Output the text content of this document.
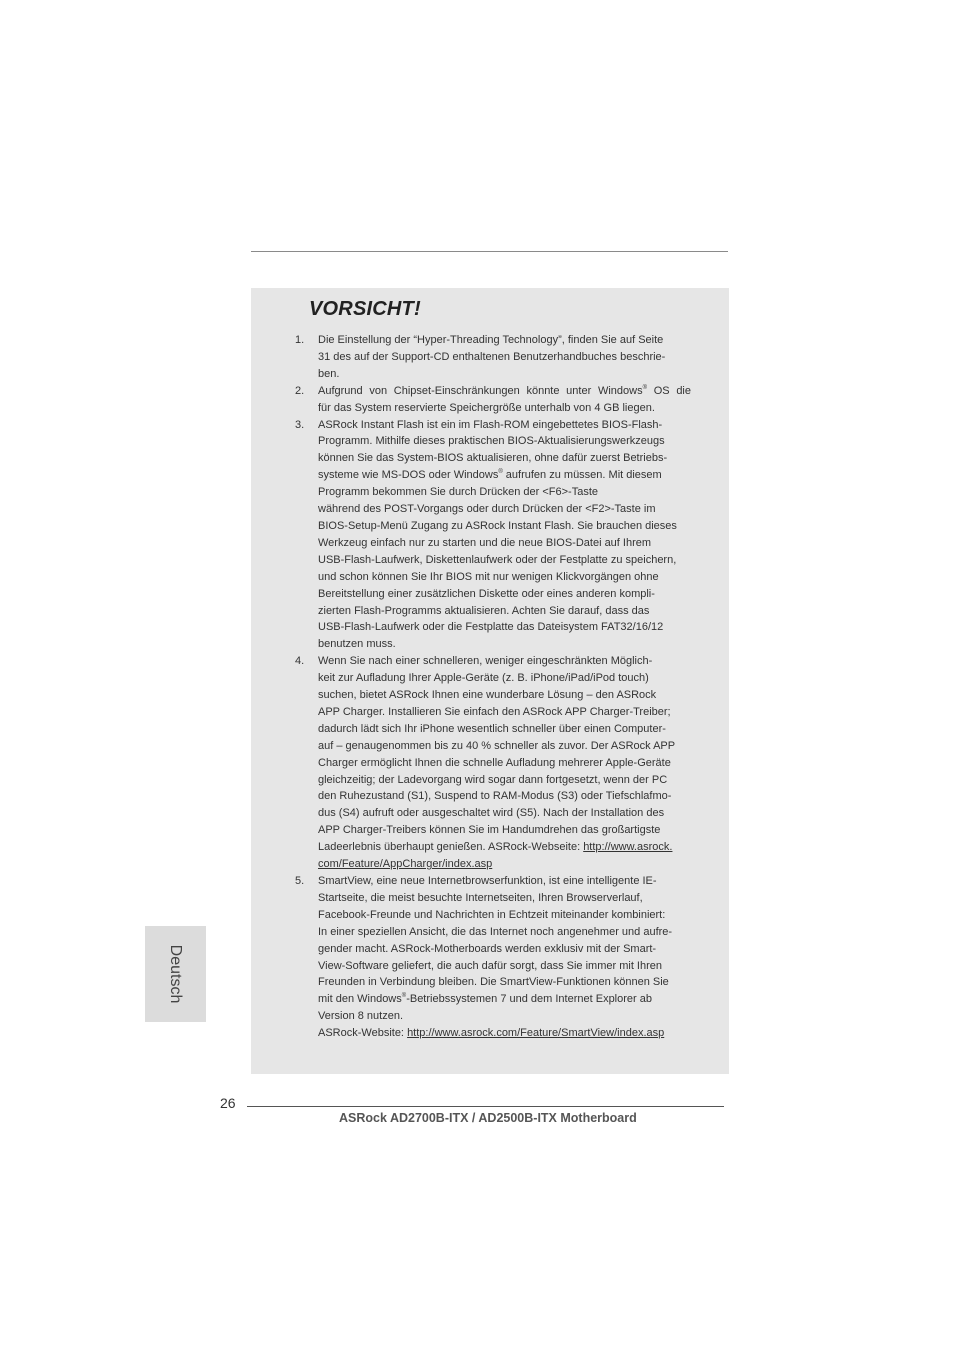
VORSICHT!
1. Die Einstellung der “Hyper-Threading Technology”, finden Sie auf Seite
31 des auf der Support-CD enthaltenen Benutzerhandbuches beschrie-
ben.
2. Aufgrund von Chipset-Einschränkungen könnte unter Windows® OS die
für das System reservierte Speichergröße unterhalb von 4 GB liegen.
3. ASRock Instant Flash ist ein im Flash-ROM eingebettetes BIOS-Flash-
Programm. Mithilfe dieses praktischen BIOS-Aktualisierungswerkzeugs
können Sie das System-BIOS aktualisieren, ohne dafür zuerst Betriebs-
systeme wie MS-DOS oder Windows® aufrufen zu müssen. Mit diesem
Programm bekommen Sie durch Drücken der <F6>-Taste
während des POST-Vorgangs oder durch Drücken der <F2>-Taste im
BIOS-Setup-Menü Zugang zu ASRock Instant Flash. Sie brauchen dieses
Werkzeug einfach nur zu starten und die neue BIOS-Datei auf Ihrem
USB-Flash-Laufwerk, Diskettenlaufwerk oder der Festplatte zu speichern,
und schon können Sie Ihr BIOS mit nur wenigen Klickvorgängen ohne
Bereitstellung einer zusätzlichen Diskette oder eines anderen kompli-
zierten Flash-Programms aktualisieren. Achten Sie darauf, dass das
USB-Flash-Laufwerk oder die Festplatte das Dateisystem FAT32/16/12
benutzen muss.
4. Wenn Sie nach einer schnelleren, weniger eingeschränkten Möglich-
keit zur Aufladung Ihrer Apple-Geräte (z. B. iPhone/iPad/iPod touch)
suchen, bietet ASRock Ihnen eine wunderbare Lösung – den ASRock
APP Charger. Installieren Sie einfach den ASRock APP Charger-Treiber;
dadurch lädt sich Ihr iPhone wesentlich schneller über einen Computer-
auf – genaugenommen bis zu 40 % schneller als zuvor. Der ASRock APP
Charger ermöglicht Ihnen die schnelle Aufladung mehrerer Apple-Geräte
gleichzeitig; der Ladevorgang wird sogar dann fortgesetzt, wenn der PC
den Ruhezustand (S1), Suspend to RAM-Modus (S3) oder Tiefschlafmo-
dus (S4) aufruft oder ausgeschaltet wird (S5). Nach der Installation des
APP Charger-Treibers können Sie im Handumdrehen das großartigste
Ladeerlebnis überhaupt genießen. ASRock-Webseite: http://www.asrock.
com/Feature/AppCharger/index.asp
5. SmartView, eine neue Internetbrowserfunktion, ist eine intelligente IE-
Startseite, die meist besuchte Internetseiten, Ihren Browserverlauf,
Facebook-Freunde und Nachrichten in Echtzeit miteinander kombiniert:
In einer speziellen Ansicht, die das Internet noch angenehmer und aufre-
gender macht. ASRock-Motherboards werden exklusiv mit der Smart-
View-Software geliefert, die auch dafür sorgt, dass Sie immer mit Ihren
Freunden in Verbindung bleiben. Die SmartView-Funktionen können Sie
mit den Windows®-Betriebssystemen 7 und dem Internet Explorer ab
Version 8 nutzen.
ASRock-Website: http://www.asrock.com/Feature/SmartView/index.asp
Deutsch
26
ASRock AD2700B-ITX / AD2500B-ITX Motherboard
